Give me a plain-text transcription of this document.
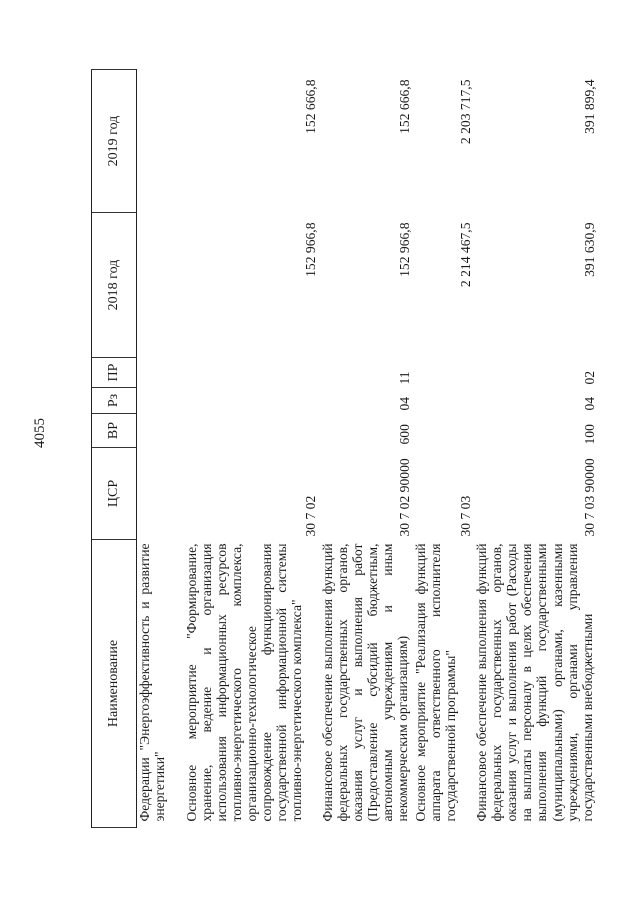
4055
Наименование	ЦСР	ВР	Рз	ПР	2018 год	2019 год
Федерации "Энергоэффективность и развитие энергетики"						
Основное мероприятие "Формирование, хранение, ведение и организация использования информационных ресурсов топливно-энергетического комплекса, организационно-технологическое сопровождение функционирования государственной информационной системы топливно-энергетического комплекса"	30 7 02				152 966,8	152 666,8
Финансовое обеспечение выполнения функций федеральных государственных органов, оказания услуг и выполнения работ (Предоставление субсидий бюджетным, автономным учреждениям и иным некоммерческим организациям)	30 7 02 90000	600	04	11	152 966,8	152 666,8
Основное мероприятие "Реализация функций аппарата ответственного исполнителя государственной программы"	30 7 03				2 214 467,5	2 203 717,5
Финансовое обеспечение выполнения функций федеральных государственных органов, оказания услуг и выполнения работ (Расходы на выплаты персоналу в целях обеспечения выполнения функций государственными (муниципальными) органами, казенными учреждениями, органами управления государственными внебюджетными	30 7 03 90000	100	04	02	391 630,9	391 899,4
